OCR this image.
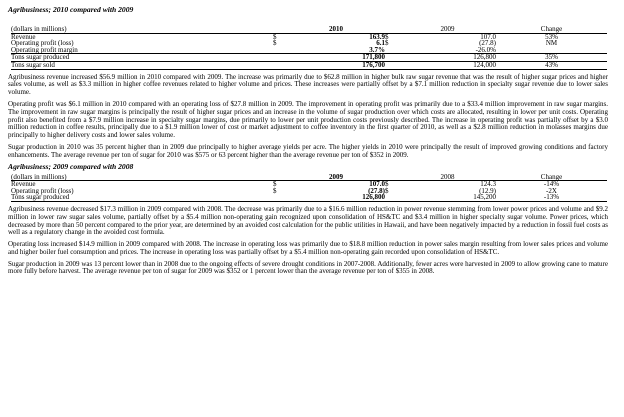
Agribusiness; 2010 compared with 2009
(dollars in millions)		2010		2009	Change
Revenue	$	163.9	$	107.0	53%
Operating profit (loss)	$	6.1	$	(27.8)	NM
Operating profit margin		3.7%		-26.0%	
Tons sugar produced		171,800		126,800	35%
Tons sugar sold		176,700		124,000	43%

Agribusiness revenue increased $56.9 million in 2010 compared with 2009. The increase was primarily due to $62.8 million in higher bulk raw sugar revenue that was the result of higher sugar prices and higher sales volume, as well as $3.3 million in higher coffee revenues related to higher volume and prices. These increases were partially offset by a $7.1 million reduction in specialty sugar revenue due to lower sales volume.

Operating profit was $6.1 million in 2010 compared with an operating loss of $27.8 million in 2009. The improvement in operating profit was primarily due to a $33.4 million improvement in raw sugar margins. The improvement in raw sugar margins is principally the result of higher sugar prices and an increase in the volume of sugar production over which costs are allocated, resulting in lower per unit costs. Operating profit also benefited from a $7.9 million increase in specialty sugar margins, due primarily to lower per unit production costs previously described. The increase in operating profit was partially offset by a $3.0 million reduction in coffee results, principally due to a $1.9 million lower of cost or market adjustment to coffee inventory in the first quarter of 2010, as well as a $2.8 million reduction in molasses margins due principally to higher delivery costs and lower sales volume.

Sugar production in 2010 was 35 percent higher than in 2009 due principally to higher average yields per acre. The higher yields in 2010 were principally the result of improved growing conditions and factory enhancements. The average revenue per ton of sugar for 2010 was $575 or 63 percent higher than the average revenue per ton of $352 in 2009.

Agribusiness; 2009 compared with 2008
(dollars in millions)		2009		2008	Change
Revenue	$	107.0	$	124.3	-14%
Operating profit (loss)	$	(27.8)	$	(12.9)	-2X
Tons sugar produced		126,800		145,200	-13%

Agribusiness revenue decreased $17.3 million in 2009 compared with 2008. The decrease was primarily due to a $16.6 million reduction in power revenue stemming from lower power prices and volume and $9.2 million in lower raw sugar sales volume, partially offset by a $5.4 million non-operating gain recognized upon consolidation of HS&TC and $3.4 million in higher specialty sugar volume. Power prices, which decreased by more than 50 percent compared to the prior year, are determined by an avoided cost calculation for the public utilities in Hawaii, and have been negatively impacted by a reduction in fossil fuel costs as well as a regulatory change in the avoided cost formula.

Operating loss increased $14.9 million in 2009 compared with 2008. The increase in operating loss was primarily due to $18.8 million reduction in power sales margin resulting from lower sales prices and volume and higher boiler fuel consumption and prices. The increase in operating loss was partially offset by a $5.4 million non-operating gain recorded upon consolidation of HS&TC.

Sugar production in 2009 was 13 percent lower than in 2008 due to the ongoing effects of severe drought conditions in 2007-2008. Additionally, fewer acres were harvested in 2009 to allow growing cane to mature more fully before harvest. The average revenue per ton of sugar for 2009 was $352 or 1 percent lower than the average revenue per ton of $355 in 2008.
